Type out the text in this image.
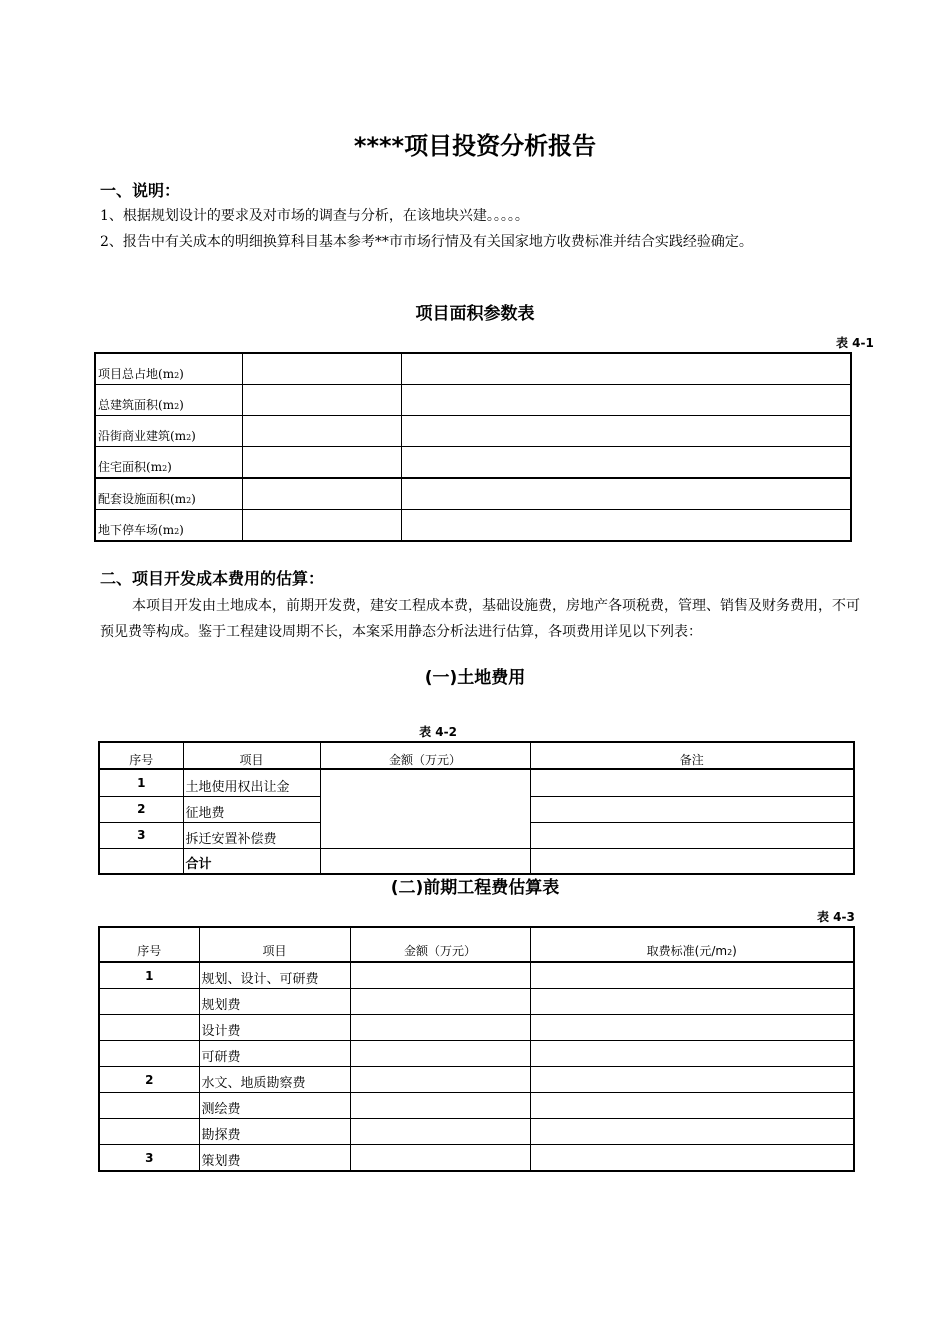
****项目投资分析报告
一、说明：
1、根据规划设计的要求及对市场的调查与分析，在该地块兴建。。。。。
2、报告中有关成本的明细换算科目基本参考**市市场行情及有关国家地方收费标准并结合实践经验确定。
项目面积参数表
表 4-1
项目总占地(m2)		
总建筑面积(m2)		
沿街商业建筑(m2)		
住宅面积(m2)		
配套设施面积(m2)		
地下停车场(m2)		
二、项目开发成本费用的估算：
本项目开发由土地成本，前期开发费，建安工程成本费，基础设施费，房地产各项税费，管理、销售及财务费用，不可预见费等构成。鉴于工程建设周期不长，本案采用静态分析法进行估算，各项费用详见以下列表：
(一)土地费用
表 4-2
序号	项目	金额（万元）	备注
1	土地使用权出让金		
2	征地费		
3	拆迁安置补偿费		
	合计		
(二)前期工程费估算表
表 4-3
序号	项目	金额（万元）	取费标准(元/m2)
1	规划、设计、可研费		
	规划费		
	设计费		
	可研费		
2	水文、地质勘察费		
	测绘费		
	勘探费		
3	策划费		
